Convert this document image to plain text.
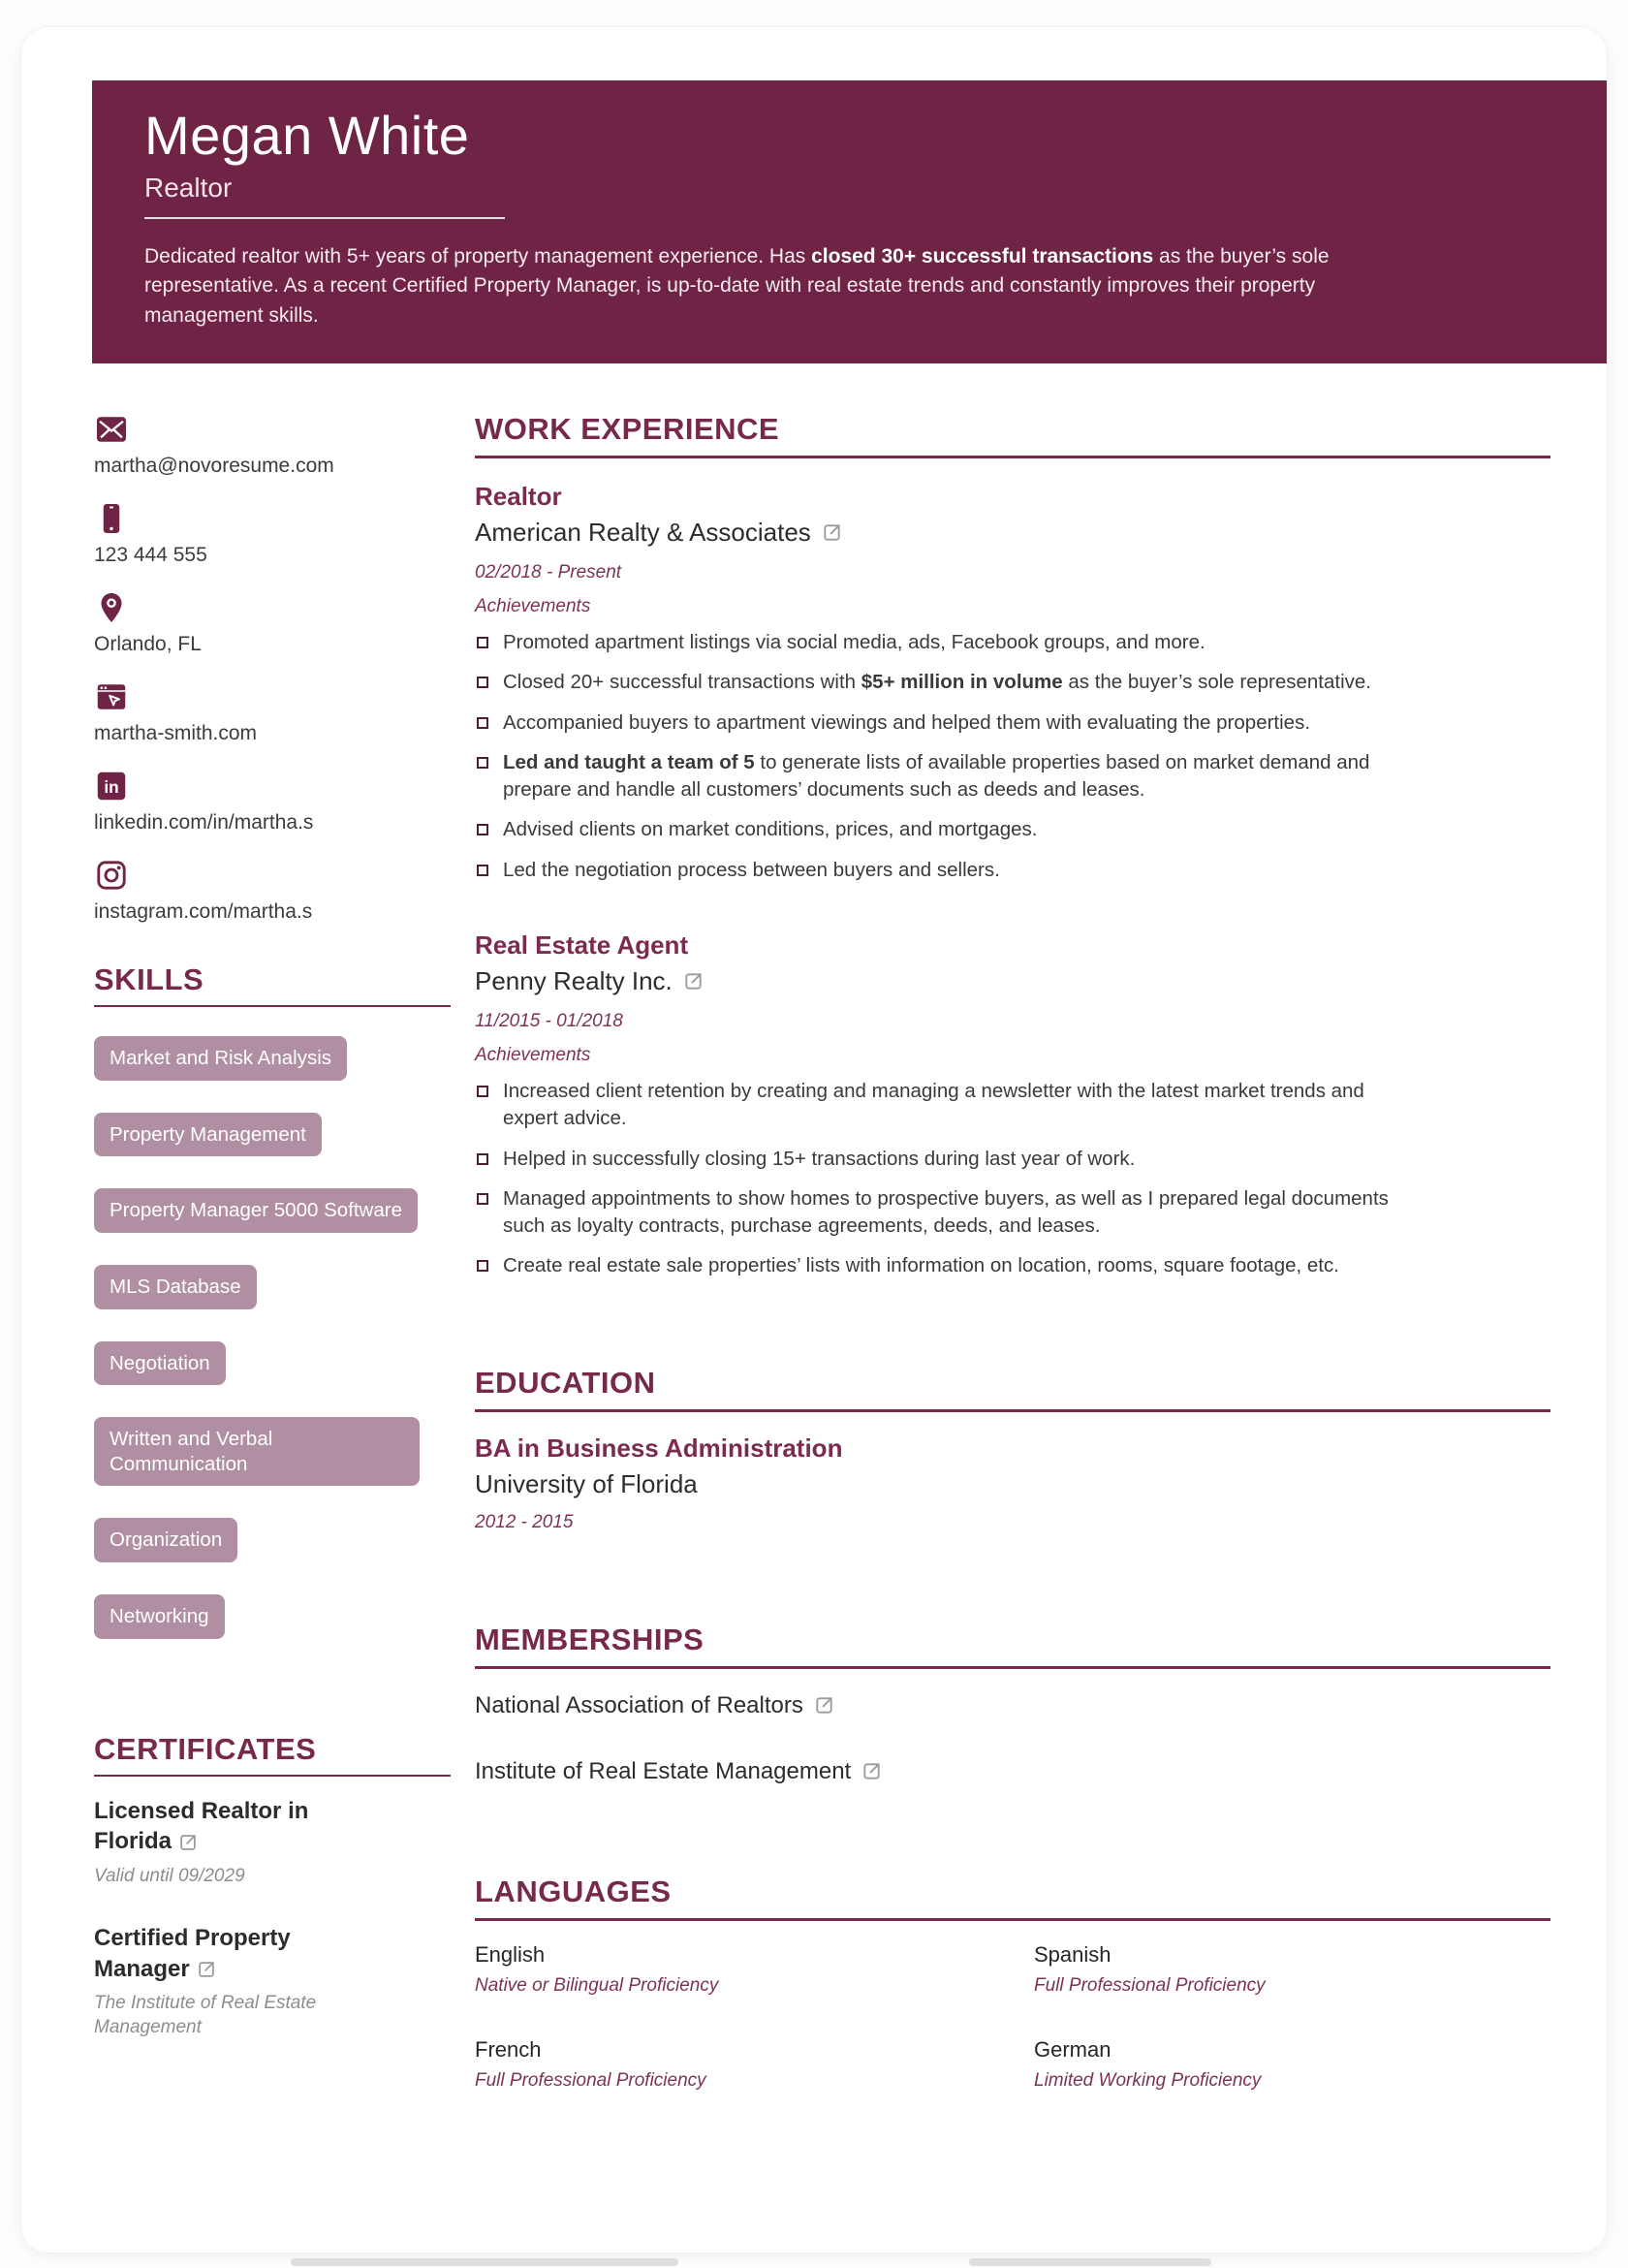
Megan White
Realtor

Dedicated realtor with 5+ years of property management experience. Has closed 30+ successful transactions as the buyer’s sole representative. As a recent Certified Property Manager, is up-to-date with real estate trends and constantly improves their property management skills.

martha@novoresume.com
123 444 555
Orlando, FL
martha-smith.com
in
linkedin.com/in/martha.s
instagram.com/martha.s
SKILLS
Market and Risk Analysis
Property Management
Property Manager 5000 Software
MLS Database
Negotiation
Written and Verbal Communication
Organization
Networking
CERTIFICATES
Licensed Realtor in Florida
Valid until 09/2029
Certified Property Manager
The Institute of Real Estate Management
WORK EXPERIENCE
Realtor
American Realty & Associates
02/2018 - Present
Achievements
Promoted apartment listings via social media, ads, Facebook groups, and more.
Closed 20+ successful transactions with $5+ million in volume as the buyer’s sole representative.
Accompanied buyers to apartment viewings and helped them with evaluating the properties.
Led and taught a team of 5 to generate lists of available properties based on market demand and prepare and handle all customers’ documents such as deeds and leases.
Advised clients on market conditions, prices, and mortgages.
Led the negotiation process between buyers and sellers.
Real Estate Agent
Penny Realty Inc.
11/2015 - 01/2018
Achievements
Increased client retention by creating and managing a newsletter with the latest market trends and expert advice.
Helped in successfully closing 15+ transactions during last year of work.
Managed appointments to show homes to prospective buyers, as well as I prepared legal documents such as loyalty contracts, purchase agreements, deeds, and leases.
Create real estate sale properties’ lists with information on location, rooms, square footage, etc.
EDUCATION
BA in Business Administration
University of Florida
2012 - 2015
MEMBERSHIPS
National Association of Realtors
Institute of Real Estate Management
LANGUAGES
English
Native or Bilingual Proficiency
Spanish
Full Professional Proficiency
French
Full Professional Proficiency
German
Limited Working Proficiency
